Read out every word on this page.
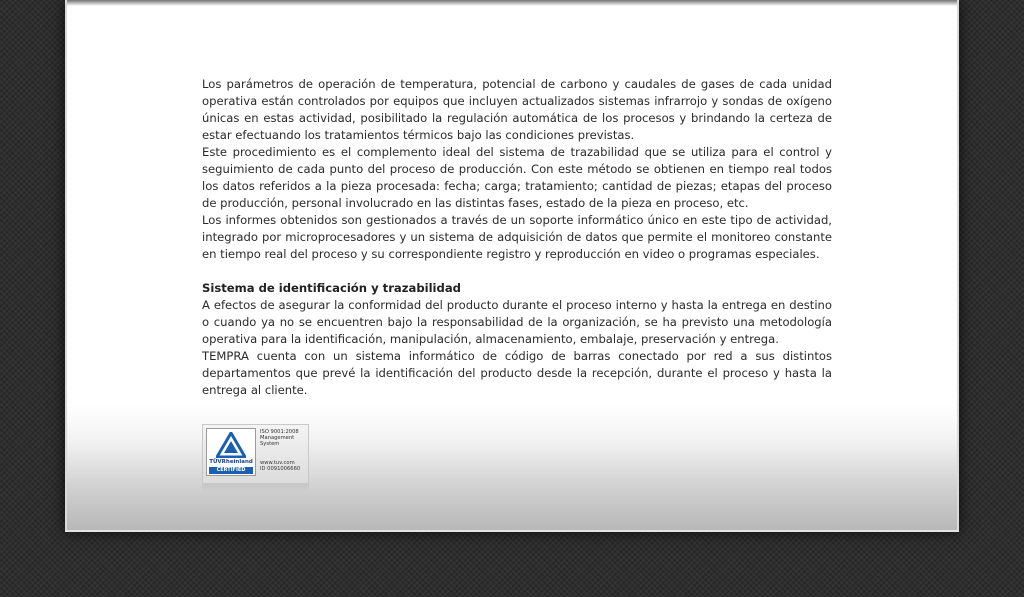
Los parámetros de operación de temperatura, potencial de carbono y caudales de gases de cada unidad operativa están controlados por equipos que incluyen actualizados sistemas infrarrojo y sondas de oxígeno únicas en estas actividad, posibilitado la regulación automática de los procesos y brindando la certeza de estar efectuando los tratamientos térmicos bajo las condiciones previstas.

Este procedimiento es el complemento ideal del sistema de trazabilidad que se utiliza para el control y seguimiento de cada punto del proceso de producción. Con este método se obtienen en tiempo real todos los datos referidos a la pieza procesada: fecha; carga; tratamiento; cantidad de piezas; etapas del proceso de producción, personal involucrado en las distintas fases, estado de la pieza en proceso, etc.

Los informes obtenidos son gestionados a través de un soporte informático único en este tipo de actividad, integrado por microprocesadores y un sistema de adquisición de datos que permite el monitoreo constante en tiempo real del proceso y su correspondiente registro y reproducción en video o programas especiales.

Sistema de identificación y trazabilidad

A efectos de asegurar la conformidad del producto durante el proceso interno y hasta la entrega en destino o cuando ya no se encuentren bajo la responsabilidad de la organización, se ha previsto una metodología operativa para la identificación, manipulación, almacenamiento, embalaje, preservación y entrega.

TEMPRA cuenta con un sistema informático de código de barras conectado por red a sus distintos departamentos que prevé la identificación del producto desde la recepción, durante el proceso y hasta la entrega al cliente.

TÜVRheinland
CERTIFIED
ISO 9001:2008
Management
System
www.tuv.com
ID 0091006660
